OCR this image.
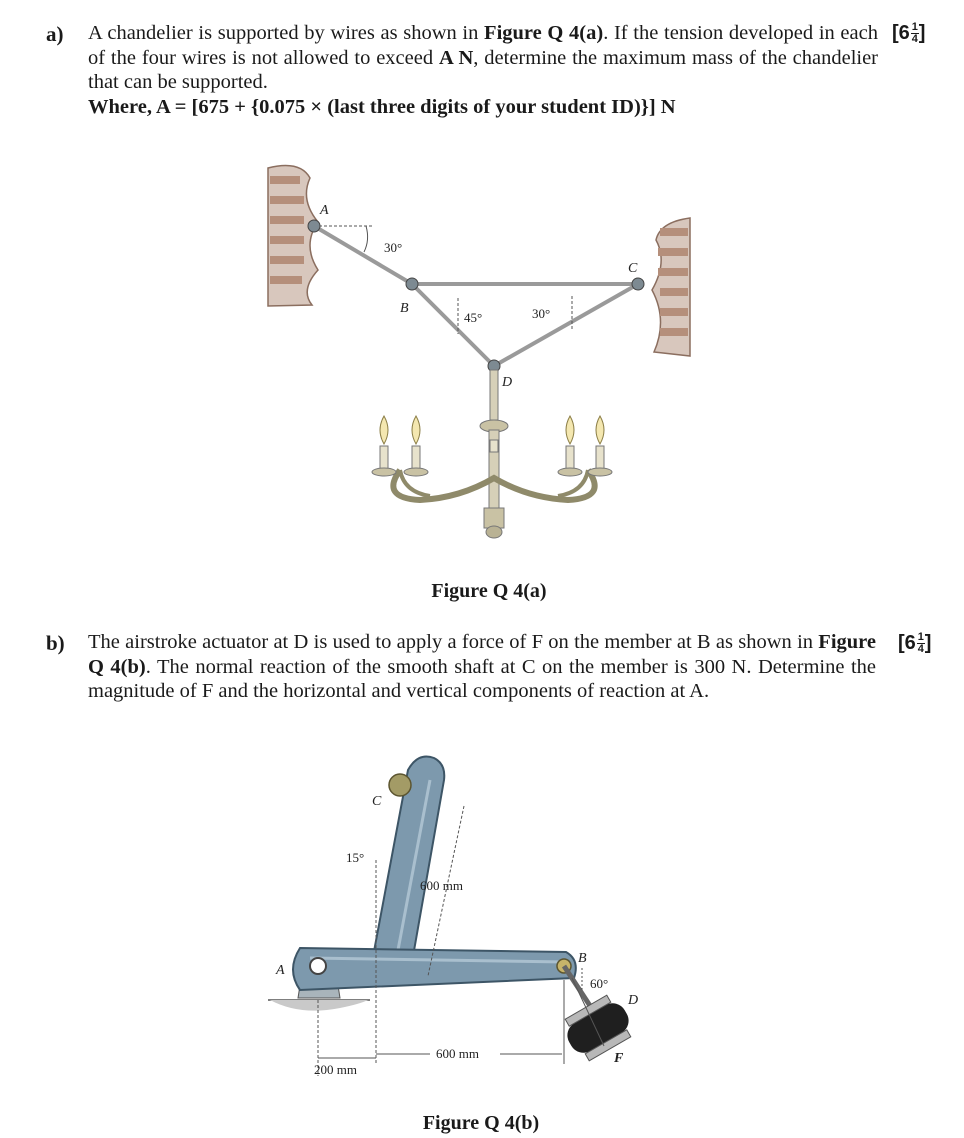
a) A chandelier is supported by wires as shown in Figure Q 4(a). If the tension developed in each of the four wires is not allowed to exceed A N, determine the maximum mass of the chandelier that can be supported.
Where, A = [675 + {0.075 × (last three digits of your student ID)}] N
[$6 \frac{1}{4}$ ]
A
B
C
D
30°
45°	30°
Figure Q 4(a)
b) The airstroke actuator at D is used to apply a force of F on the member at B as shown in Figure Q 4(b). The normal reaction of the smooth shaft at C on the member is 300 N. Determine the magnitude of F and the horizontal and vertical components of reaction at A.
[$6 \frac{1}{4}$ ]
A
B
C
D
F
15°
60°
600 mm
600 mm
200 mm
Figure Q 4(b)
